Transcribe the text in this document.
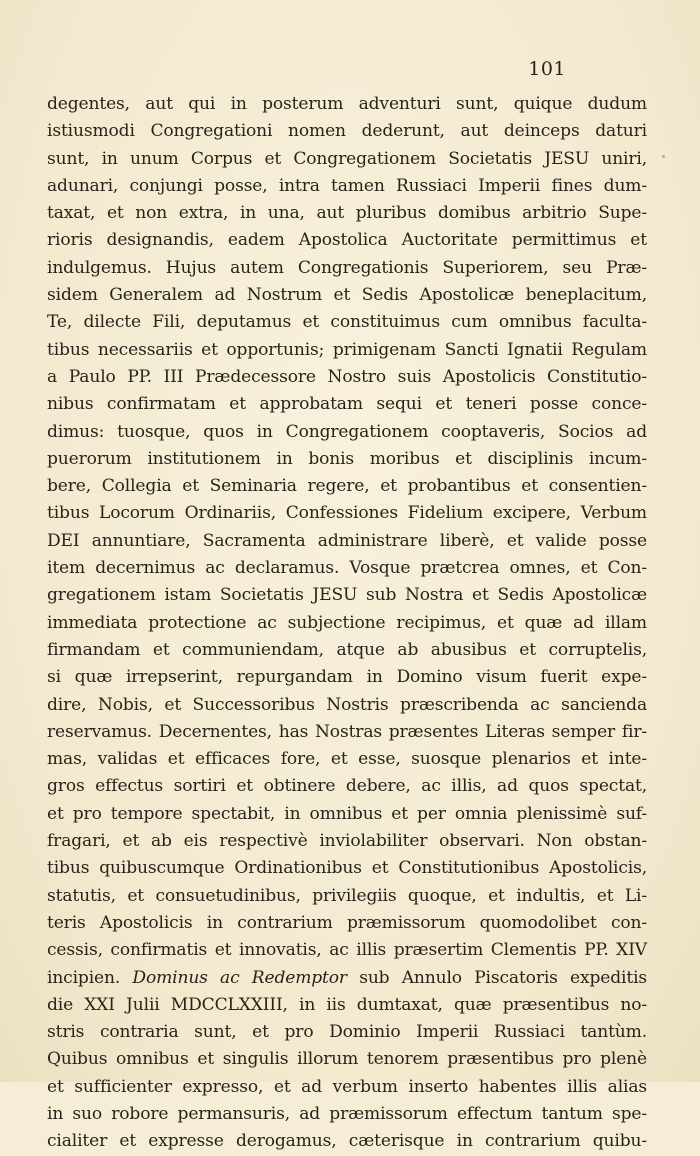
101
degentes, aut qui in posterum adventuri sunt, quique dudum
istiusmodi Congregationi nomen dederunt, aut deinceps daturi
sunt, in unum Corpus et Congregationem Societatis JESU uniri,
adunari, conjungi posse, intra tamen Russiaci Imperii fines dum-
taxat, et non extra, in una, aut pluribus domibus arbitrio Supe-
rioris designandis, eadem Apostolica Auctoritate permittimus et
indulgemus. Hujus autem Congregationis Superiorem, seu Præ-
sidem Generalem ad Nostrum et Sedis Apostolicæ beneplacitum,
Te, dilecte Fili, deputamus et constituimus cum omnibus faculta-
tibus necessariis et opportunis; primigenam Sancti Ignatii Regulam
a Paulo PP. III Prædecessore Nostro suis Apostolicis Constitutio-
nibus confirmatam et approbatam sequi et teneri posse conce-
dimus: tuosque, quos in Congregationem cooptaveris, Socios ad
puerorum institutionem in bonis moribus et disciplinis incum-
bere, Collegia et Seminaria regere, et probantibus et consentien-
tibus Locorum Ordinariis, Confessiones Fidelium excipere, Verbum
DEI annuntiare, Sacramenta administrare liberè, et valide posse
item decernimus ac declaramus. Vosque prætcrea omnes, et Con-
gregationem istam Societatis JESU sub Nostra et Sedis Apostolicæ
immediata protectione ac subjectione recipimus, et quæ ad illam
firmandam et communiendam, atque ab abusibus et corruptelis,
si quæ irrepserint, repurgandam in Domino visum fuerit expe-
dire, Nobis, et Successoribus Nostris præscribenda ac sancienda
reservamus. Decernentes, has Nostras præsentes Literas semper fir-
mas, validas et efficaces fore, et esse, suosque plenarios et inte-
gros effectus sortiri et obtinere debere, ac illis, ad quos spectat,
et pro tempore spectabit, in omnibus et per omnia plenissimè suf-
fragari, et ab eis respectivè inviolabiliter observari. Non obstan-
tibus quibuscumque Ordinationibus et Constitutionibus Apostolicis,
statutis, et consuetudinibus, privilegiis quoque, et indultis, et Li-
teris Apostolicis in contrarium præmissorum quomodolibet con-
cessis, confirmatis et innovatis, ac illis præsertim Clementis PP. XIV
incipien. Dominus ac Redemptor sub Annulo Piscatoris expeditis
die XXI Julii MDCCLXXIII, in iis dumtaxat, quæ præsentibus no-
stris contraria sunt, et pro Dominio Imperii Russiaci tantùm.
Quibus omnibus et singulis illorum tenorem præsentibus pro plenè
et sufficienter expresso, et ad verbum inserto habentes illis alias
in suo robore permansuris, ad præmissorum effectum tantum spe-
cialiter et expresse derogamus, cæterisque in contrarium quibu-
